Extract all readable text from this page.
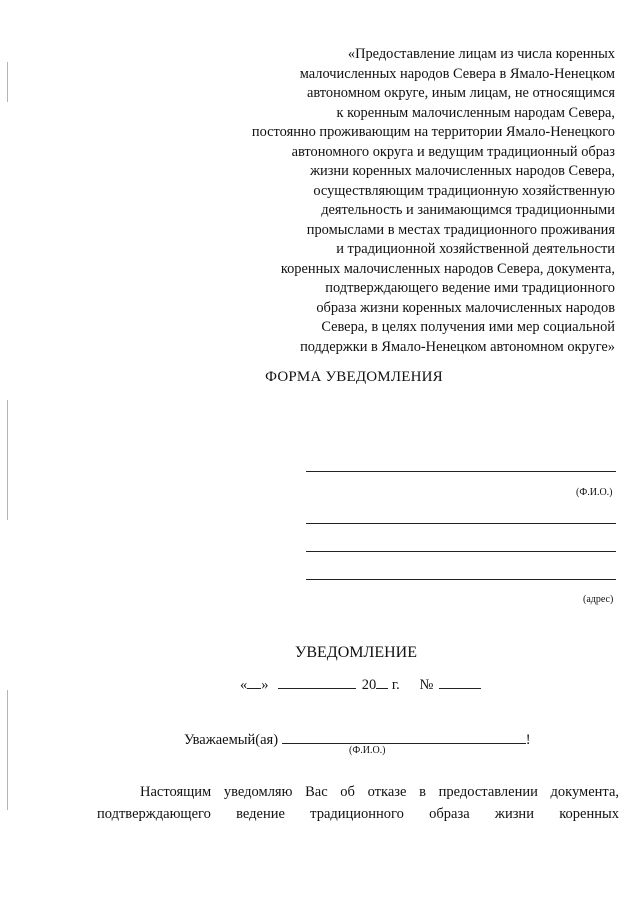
«Предоставление лицам из числа коренных
малочисленных народов Севера в Ямало-Ненецком
автономном округе, иным лицам, не относящимся
к коренным малочисленным народам Севера,
постоянно проживающим на территории Ямало-Ненецкого
автономного округа и ведущим традиционный образ
жизни коренных малочисленных народов Севера,
осуществляющим традиционную хозяйственную
деятельность и занимающимся традиционными
промыслами в местах традиционного проживания
и традиционной хозяйственной деятельности
коренных малочисленных народов Севера, документа,
подтверждающего ведение ими традиционного
образа жизни коренных малочисленных народов
Севера, в целях получения ими мер социальной
поддержки в Ямало-Ненецком автономном округе»
ФОРМА УВЕДОМЛЕНИЯ
(Ф.И.О.)
(адрес)
УВЕДОМЛЕНИЕ
« »	20 г. №
Уважаемый(ая)	!
(Ф.И.О.)
Настоящим уведомляю Вас об отказе в предоставлении документа,
подтверждающего ведение традиционного образа жизни коренных
